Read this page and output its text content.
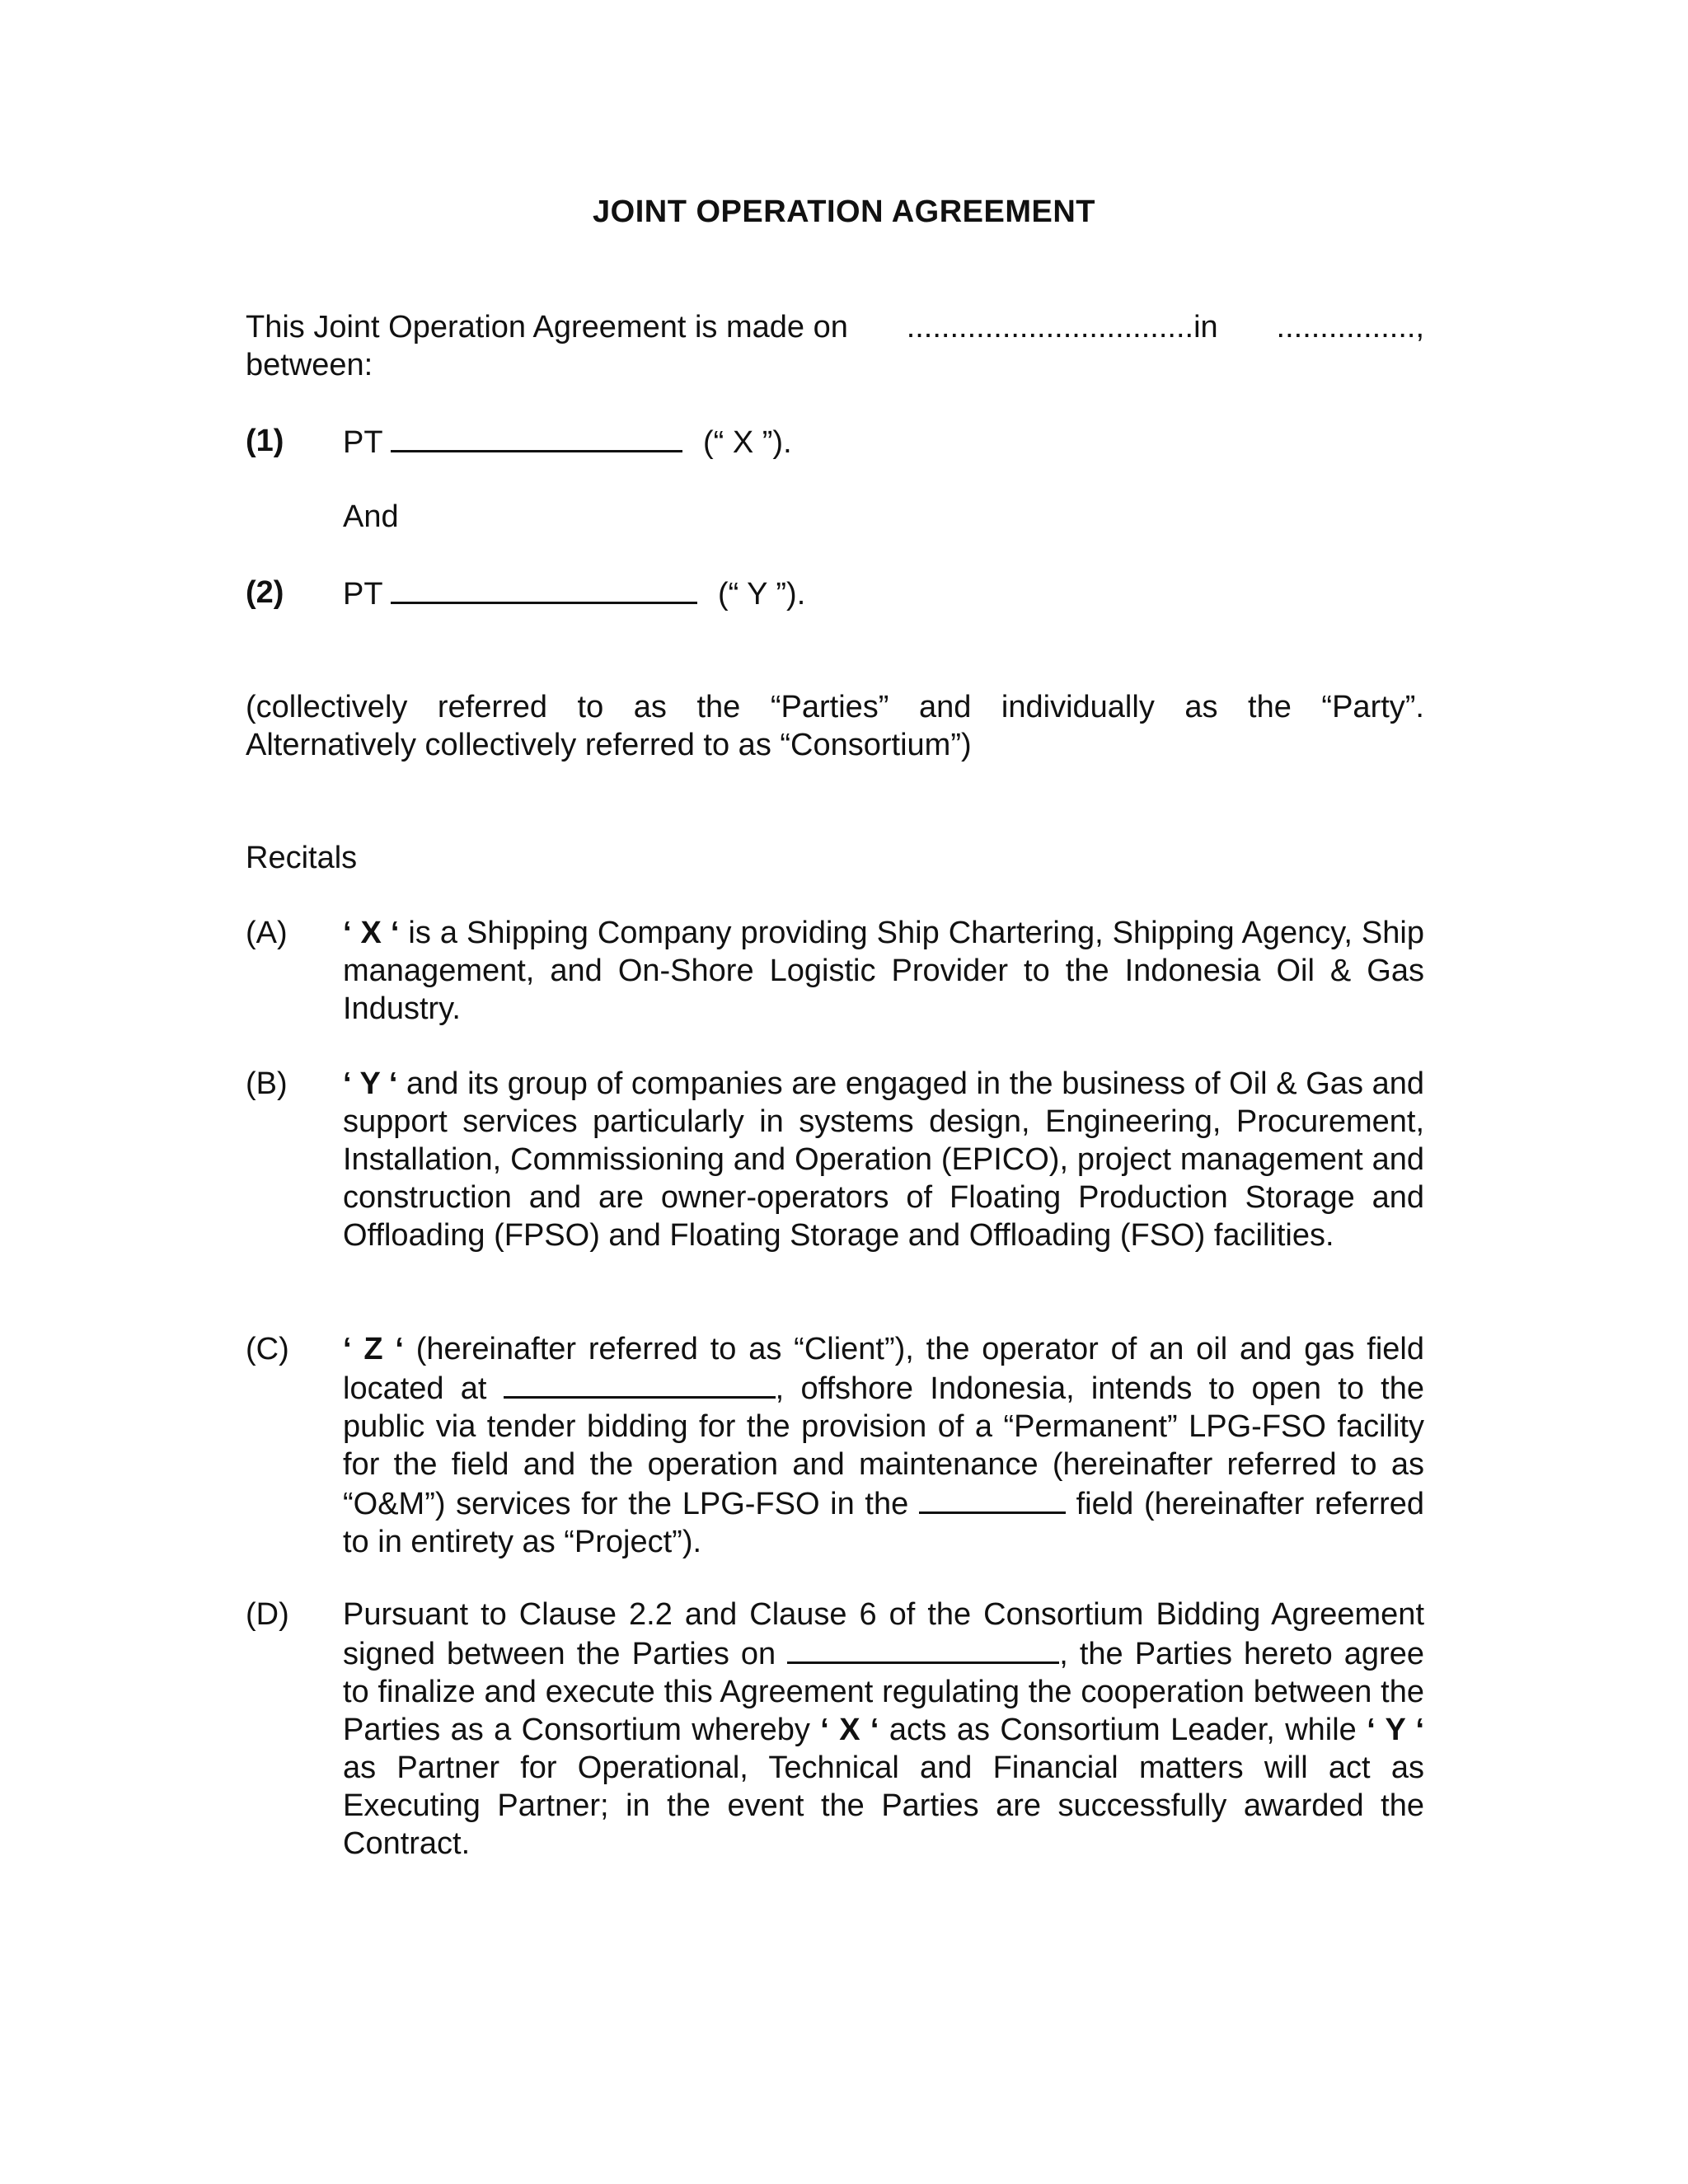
JOINT OPERATION AGREEMENT
This Joint Operation Agreement is made on .................................in ................,
between:
(1) PT	(“ X ”).
And
(2) PT	(“ Y ”).
(collectively referred to as the “Parties” and individually as the “Party”.
Alternatively collectively referred to as “Consortium”)
Recitals
(A) ‘ X ‘ is a Shipping Company providing Ship Chartering, Shipping Agency, Ship management, and On-Shore Logistic Provider to the Indonesia Oil & Gas Industry.
(B) ‘ Y ‘ and its group of companies are engaged in the business of Oil & Gas and support services particularly in systems design, Engineering, Procurement, Installation, Commissioning and Operation (EPICO), project management and construction and are owner-operators of Floating Production Storage and Offloading (FPSO) and Floating Storage and Offloading (FSO) facilities.
(C) ‘ Z ‘ (hereinafter referred to as “Client”), the operator of an oil and gas field located at	, offshore Indonesia, intends to open to the public via tender bidding for the provision of a “Permanent” LPG-FSO facility for the field and the operation and maintenance (hereinafter referred to as “O&M”) services for the LPG-FSO in the	field (hereinafter referred to in entirety as “Project”).
(D) Pursuant to Clause 2.2 and Clause 6 of the Consortium Bidding Agreement signed between the Parties on	, the Parties hereto agree to finalize and execute this Agreement regulating the cooperation between the Parties as a Consortium whereby ‘ X ‘ acts as Consortium Leader, while ‘ Y ‘ as Partner for Operational, Technical and Financial matters will act as Executing Partner; in the event the Parties are successfully awarded the Contract.
